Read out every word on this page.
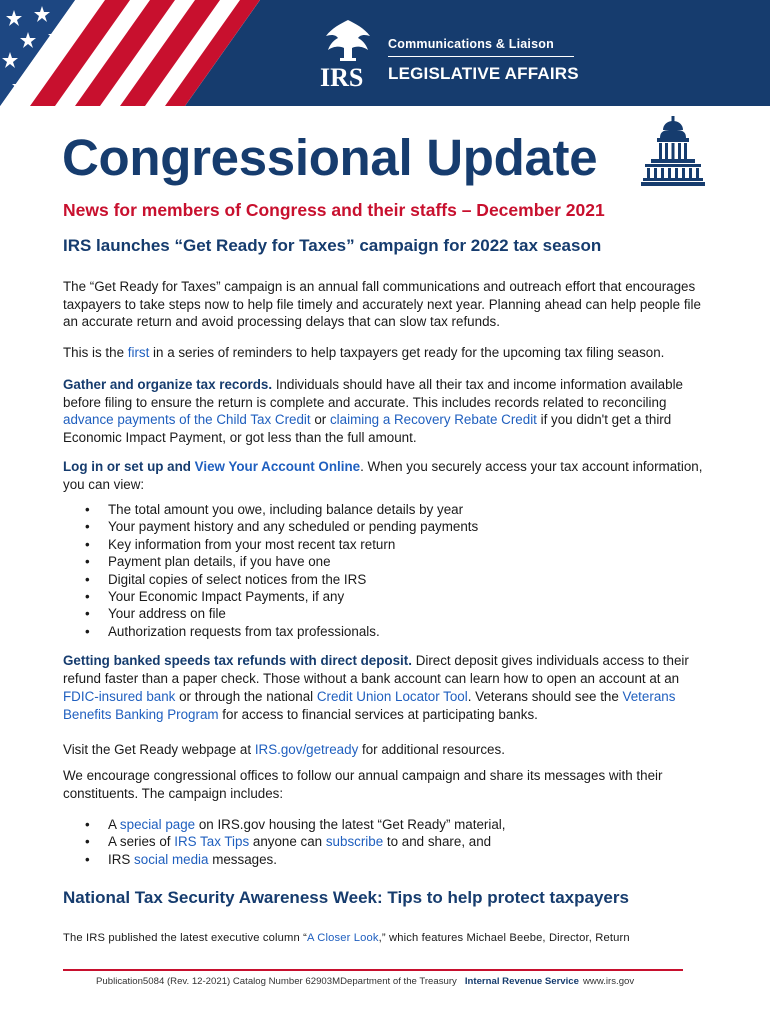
IRS
Communications & Liaison
LEGISLATIVE AFFAIRS
Congressional Update
News for members of Congress and their staffs – December 2021
IRS launches “Get Ready for Taxes” campaign for 2022 tax season

The “Get Ready for Taxes” campaign is an annual fall communications and outreach effort that encourages taxpayers to take steps now to help file timely and accurately next year. Planning ahead can help people file an accurate return and avoid processing delays that can slow tax refunds.

This is the first in a series of reminders to help taxpayers get ready for the upcoming tax filing season.

Gather and organize tax records. Individuals should have all their tax and income information available before filing to ensure the return is complete and accurate. This includes records related to reconciling advance payments of the Child Tax Credit or claiming a Recovery Rebate Credit if you didn't get a third Economic Impact Payment, or got less than the full amount.

Log in or set up and View Your Account Online. When you securely access your tax account information, you can view:

• The total amount you owe, including balance details by year
• Your payment history and any scheduled or pending payments
• Key information from your most recent tax return
• Payment plan details, if you have one
• Digital copies of select notices from the IRS
• Your Economic Impact Payments, if any
• Your address on file
• Authorization requests from tax professionals.

Getting banked speeds tax refunds with direct deposit. Direct deposit gives individuals access to their refund faster than a paper check. Those without a bank account can learn how to open an account at an FDIC-insured bank or through the national Credit Union Locator Tool. Veterans should see the Veterans Benefits Banking Program for access to financial services at participating banks.

Visit the Get Ready webpage at IRS.gov/getready for additional resources.

We encourage congressional offices to follow our annual campaign and share its messages with their constituents. The campaign includes:

• A special page on IRS.gov housing the latest “Get Ready” material,
• A series of IRS Tax Tips anyone can subscribe to and share, and
• IRS social media messages.
National Tax Security Awareness Week: Tips to help protect taxpayers

The IRS published the latest executive column “A Closer Look,” which features Michael Beebe, Director, Return

Publication5084 (Rev. 12-2021) Catalog Number 62903MDepartment of the Treasury Internal Revenue Service www.irs.gov
